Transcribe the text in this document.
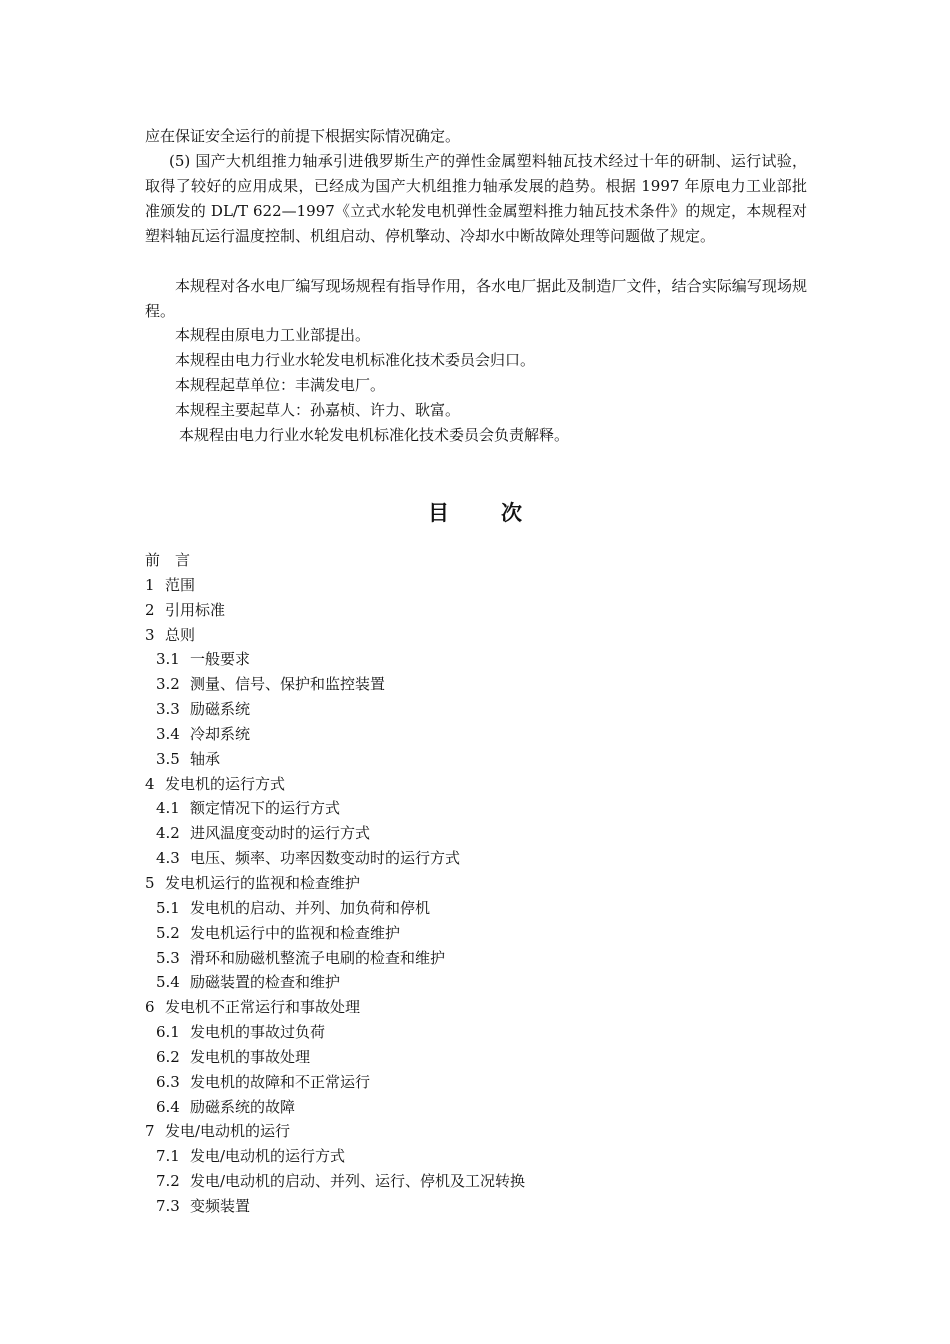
应在保证安全运行的前提下根据实际情况确定。

(5) 国产大机组推力轴承引进俄罗斯生产的弹性金属塑料轴瓦技术经过十年的研制、运行试验，取得了较好的应用成果，已经成为国产大机组推力轴承发展的趋势。根据 1997 年原电力工业部批准颁发的 DL/T 622—1997《立式水轮发电机弹性金属塑料推力轴瓦技术条件》的规定，本规程对塑料轴瓦运行温度控制、机组启动、停机擎动、冷却水中断故障处理等问题做了规定。

本规程对各水电厂编写现场规程有指导作用，各水电厂据此及制造厂文件，结合实际编写现场规程。

本规程由原电力工业部提出。

本规程由电力行业水轮发电机标准化技术委员会归口。

本规程起草单位：丰满发电厂。

本规程主要起草人：孙嘉桢、许力、耿富。

本规程由电力行业水轮发电机标准化技术委员会负责解释。

目次
前　言
1 范围
2 引用标准
3 总则
3.1 一般要求
3.2 测量、信号、保护和监控装置
3.3 励磁系统
3.4 冷却系统
3.5 轴承
4 发电机的运行方式
4.1 额定情况下的运行方式
4.2 进风温度变动时的运行方式
4.3 电压、频率、功率因数变动时的运行方式
5 发电机运行的监视和检查维护
5.1 发电机的启动、并列、加负荷和停机
5.2 发电机运行中的监视和检查维护
5.3 滑环和励磁机整流子电刷的检查和维护
5.4 励磁装置的检查和维护
6 发电机不正常运行和事故处理
6.1 发电机的事故过负荷
6.2 发电机的事故处理
6.3 发电机的故障和不正常运行
6.4 励磁系统的故障
7 发电/电动机的运行
7.1 发电/电动机的运行方式
7.2 发电/电动机的启动、并列、运行、停机及工况转换
7.3 变频装置
